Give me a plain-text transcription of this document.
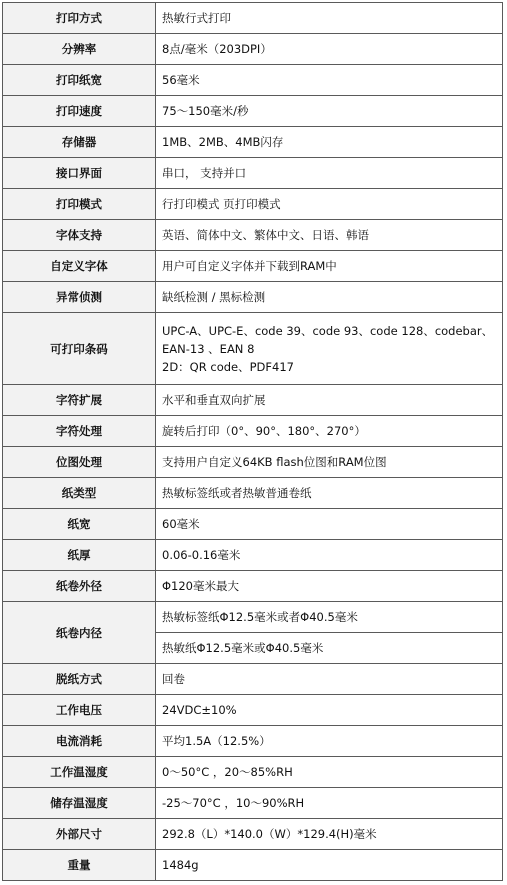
打印方式	热敏行式打印

分辨率	8点/毫米（203DPI）

打印纸宽	56毫米

打印速度	75～150毫米/秒

存储器	1MB、2MB、4MB闪存

接口界面	串口， 支持并口

打印模式	行打印模式 页打印模式

字体支持	英语、简体中文、繁体中文、日语、韩语

自定义字体	用户可自定义字体并下载到RAM中

异常侦测	缺纸检测 / 黑标检测

可打印条码	UPC-A、UPC-E、code 39、code 93、code 128、codebar、
EAN-13 、EAN 8
2D：QR code、PDF417

字符扩展	水平和垂直双向扩展

字符处理	旋转后打印（0°、90°、180°、270°）

位图处理	支持用户自定义64KB flash位图和RAM位图

纸类型	热敏标签纸或者热敏普通卷纸

纸宽	60毫米

纸厚	0.06-0.16毫米

纸卷外径	Φ120毫米最大

纸卷内径	热敏标签纸Φ12.5毫米或者Φ40.5毫米
	热敏纸Φ12.5毫米或Φ40.5毫米
脱纸方式	回卷

工作电压	24VDC±10%

电流消耗	平均1.5A（12.5%）

工作温湿度	0～50°C ，20～85%RH

储存温湿度	-25～70°C ，10～90%RH

外部尺寸	292.8（L）*140.0（W）*129.4(H)毫米

重量	1484g
